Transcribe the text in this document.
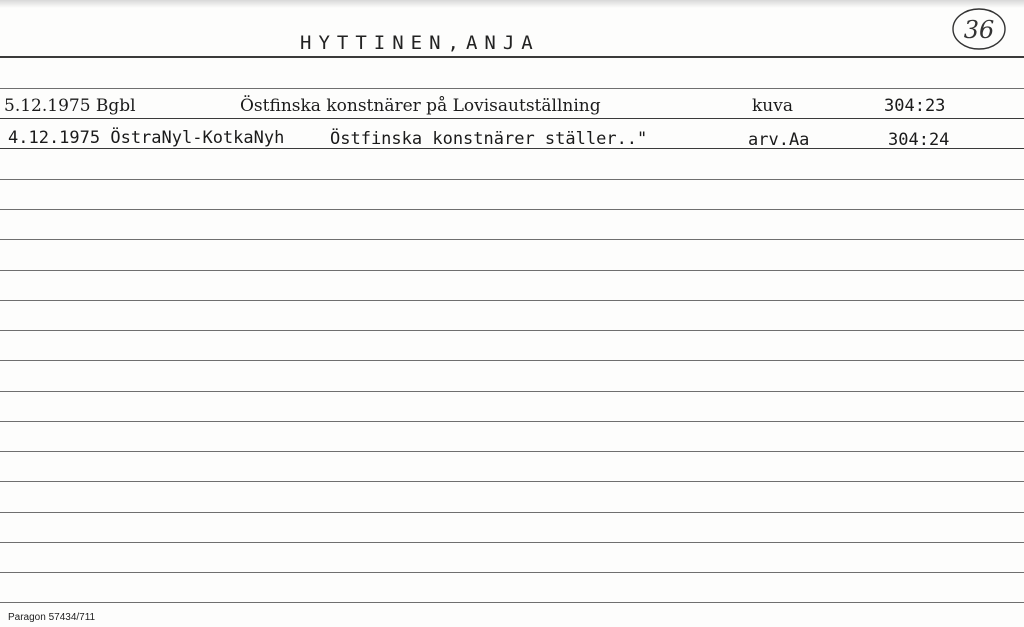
HYTTINEN,ANJA	36
5.12.1975 Bgbl	Östfinska konstnärer på Lovisautställning	kuva	304:23
4.12.1975 ÖstraNyl-KotkaNyh	Östfinska konstnärer ställer.."	arv.Aa	304:24
Paragon 57434/711
